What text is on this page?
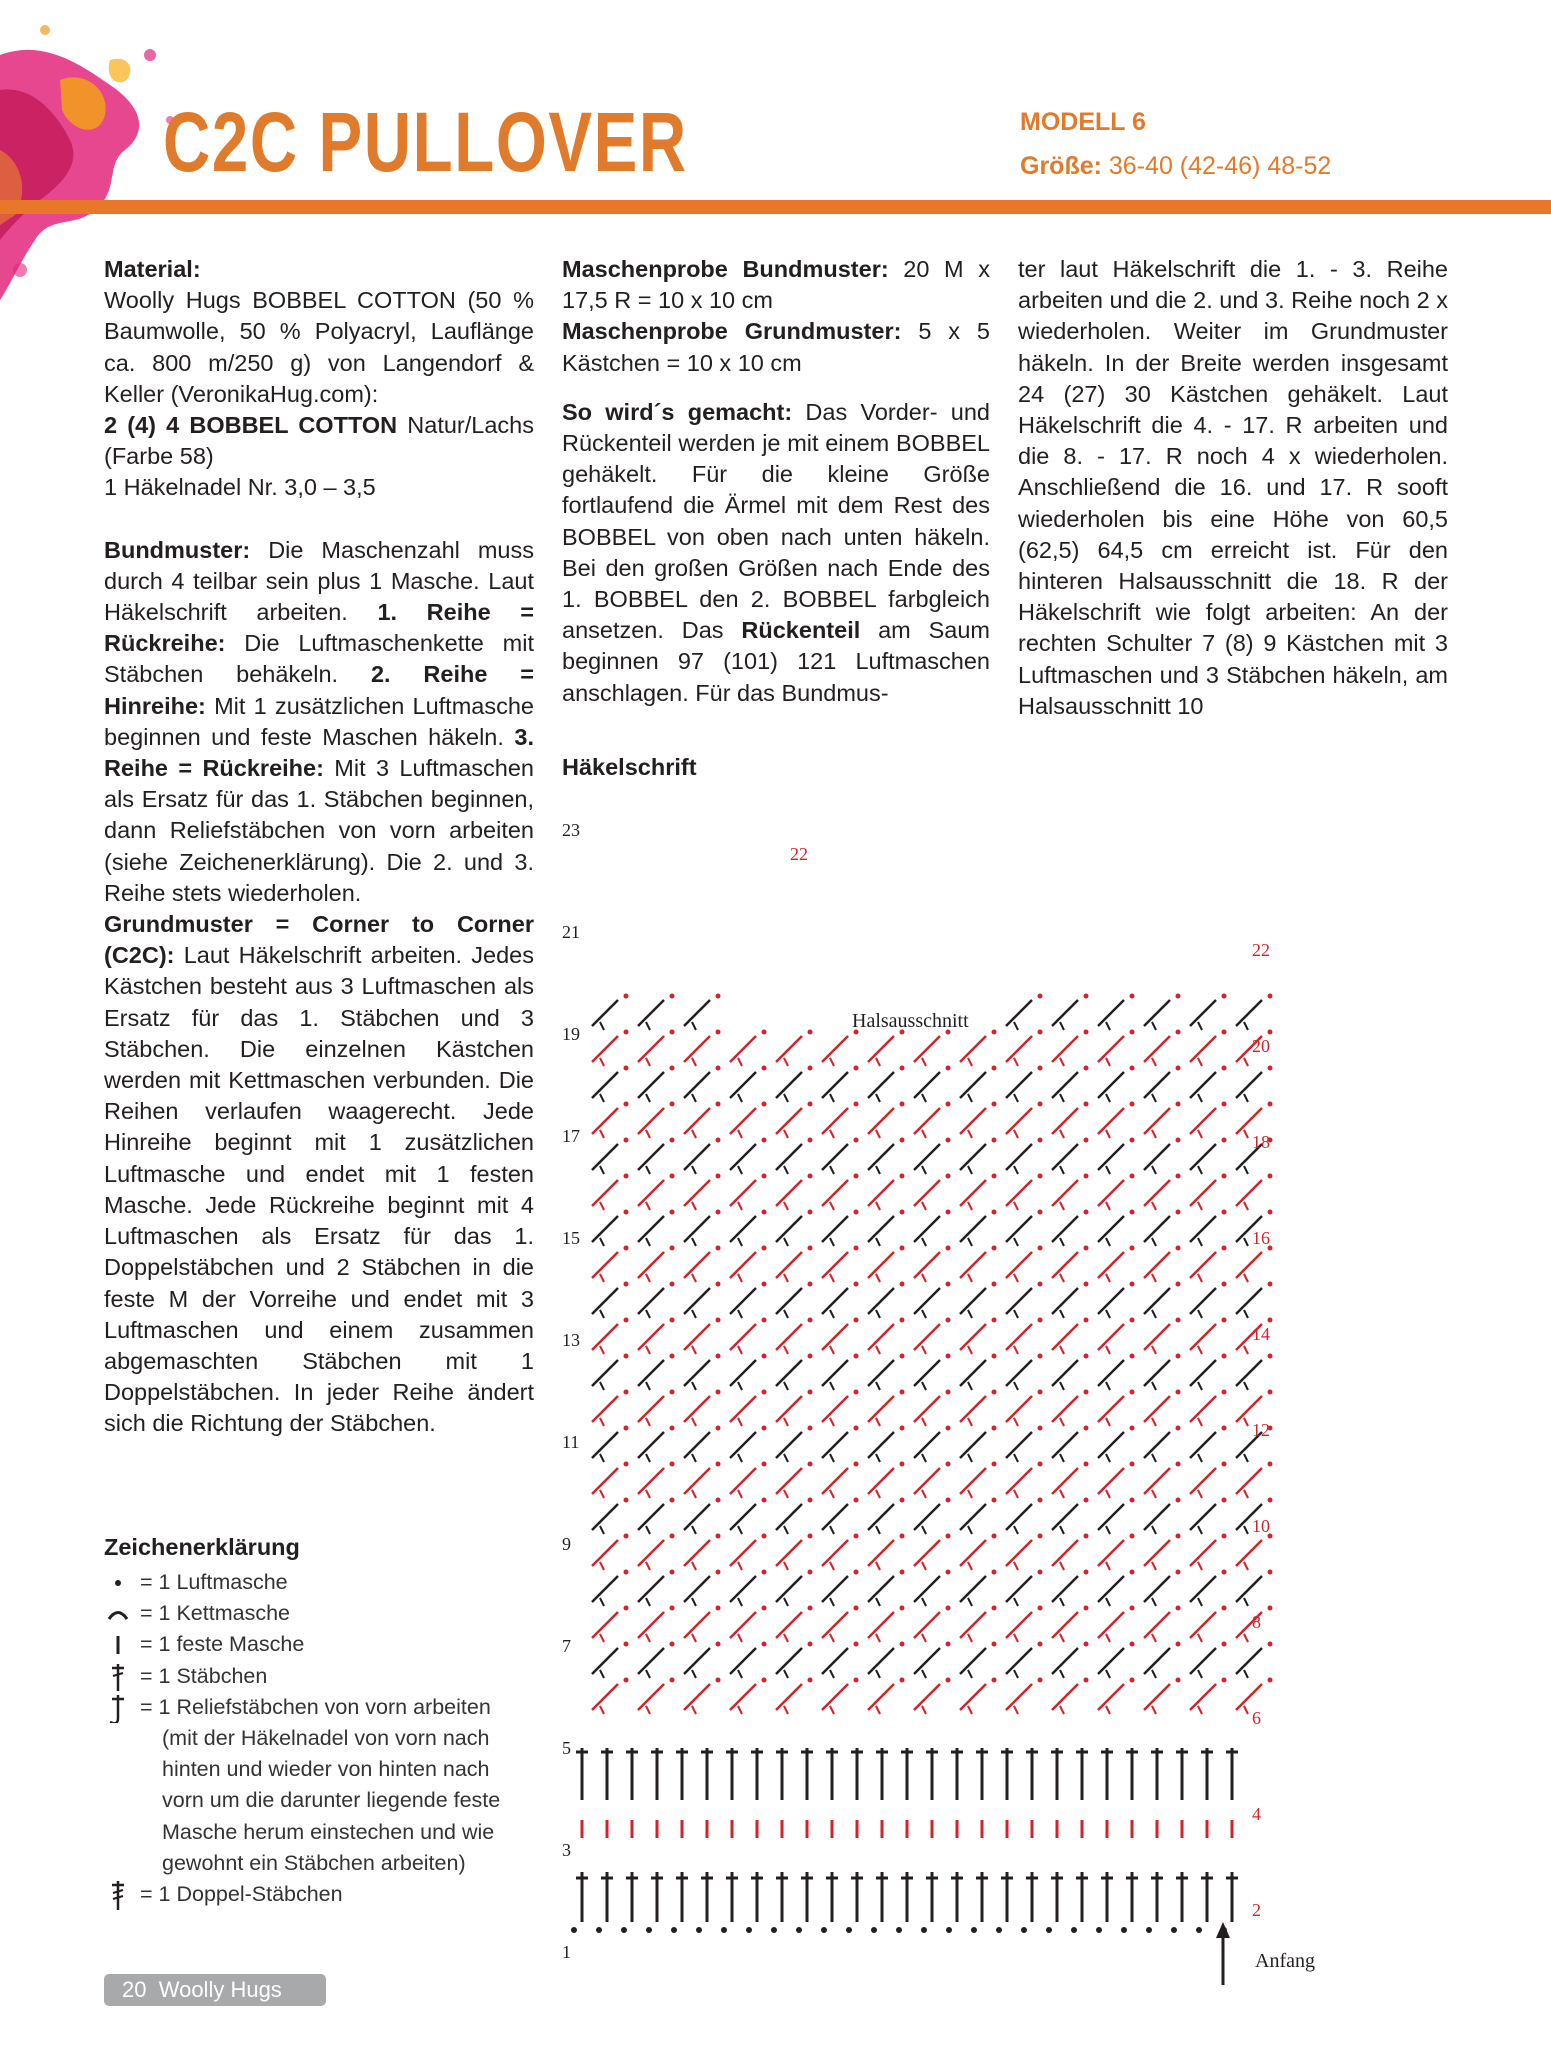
C2C PULLOVER	MODELL 6
Größe: 36-40 (42-46) 48-52

Material:

Woolly Hugs BOBBEL COTTON (50 % Baumwolle, 50 % Polyacryl, Lauflänge ca. 800 m/250 g) von Langendorf & Keller (VeronikaHug.com):

2 (4) 4 BOBBEL COTTON Natur/Lachs (Farbe 58)

1 Häkelnadel Nr. 3,0 – 3,5

Bundmuster: Die Maschenzahl muss durch 4 teilbar sein plus 1 Masche. Laut Häkelschrift arbeiten. 1. Reihe = Rückreihe: Die Luftmaschenkette mit Stäbchen behäkeln. 2. Reihe = Hinreihe: Mit 1 zusätzlichen Luftmasche beginnen und feste Maschen häkeln. 3. Reihe = Rückreihe: Mit 3 Luftmaschen als Ersatz für das 1. Stäbchen beginnen, dann Reliefstäbchen von vorn arbeiten (siehe Zeichenerklärung). Die 2. und 3. Reihe stets wiederholen.

Grundmuster = Corner to Corner (C2C): Laut Häkelschrift arbeiten. Jedes Kästchen besteht aus 3 Luftmaschen als Ersatz für das 1. Stäbchen und 3 Stäbchen. Die einzelnen Kästchen werden mit Kettmaschen verbunden. Die Reihen verlaufen waagerecht. Jede Hinreihe beginnt mit 1 zusätzlichen Luftmasche und endet mit 1 festen Masche. Jede Rückreihe beginnt mit 4 Luftmaschen als Ersatz für das 1. Doppelstäbchen und 2 Stäbchen in die feste M der Vorreihe und endet mit 3 Luftmaschen und einem zusammen abgemaschten Stäbchen mit 1 Doppelstäbchen. In jeder Reihe ändert sich die Richtung der Stäbchen.

Maschenprobe Bundmuster: 20 M x 17,5 R = 10 x 10 cm

Maschenprobe Grundmuster: 5 x 5 Kästchen = 10 x 10 cm

So wird´s gemacht: Das Vorder- und Rückenteil werden je mit einem BOBBEL gehäkelt. Für die kleine Größe fortlaufend die Ärmel mit dem Rest des BOBBEL von oben nach unten häkeln. Bei den großen Größen nach Ende des 1. BOBBEL den 2. BOBBEL farbgleich ansetzen. Das Rückenteil am Saum beginnen 97 (101) 121 Luftmaschen anschlagen. Für das Bundmus-

ter laut Häkelschrift die 1. - 3. Reihe arbeiten und die 2. und 3. Reihe noch 2 x wiederholen. Weiter im Grundmuster häkeln. In der Breite werden insgesamt 24 (27) 30 Kästchen gehäkelt. Laut Häkelschrift die 4. - 17. R arbeiten und die 8. - 17. R noch 4 x wiederholen. Anschließend die 16. und 17. R sooft wiederholen bis eine Höhe von 60,5 (62,5) 64,5 cm erreicht ist. Für den hinteren Halsausschnitt die 18. R der Häkelschrift wie folgt arbeiten: An der rechten Schulter 7 (8) 9 Kästchen mit 3 Luftmaschen und 3 Stäbchen häkeln, am Halsausschnitt 10

Häkelschrift
Halsausschnitt
Anfang
23
21
19
17
15
13
11
9
7
5
3
1
22
22
20
18
16
14
12
10
8
6
4
2
Zeichenerklärung
= 1 Luftmasche
= 1 Kettmasche
= 1 feste Masche
= 1 Stäbchen
= 1 Reliefstäbchen von vorn arbeiten
(mit der Häkelnadel von vorn nach
hinten und wieder von hinten nach
vorn um die darunter liegende feste
Masche herum einstechen und wie
gewohnt ein Stäbchen arbeiten)
= 1 Doppel-Stäbchen
20 Woolly Hugs
